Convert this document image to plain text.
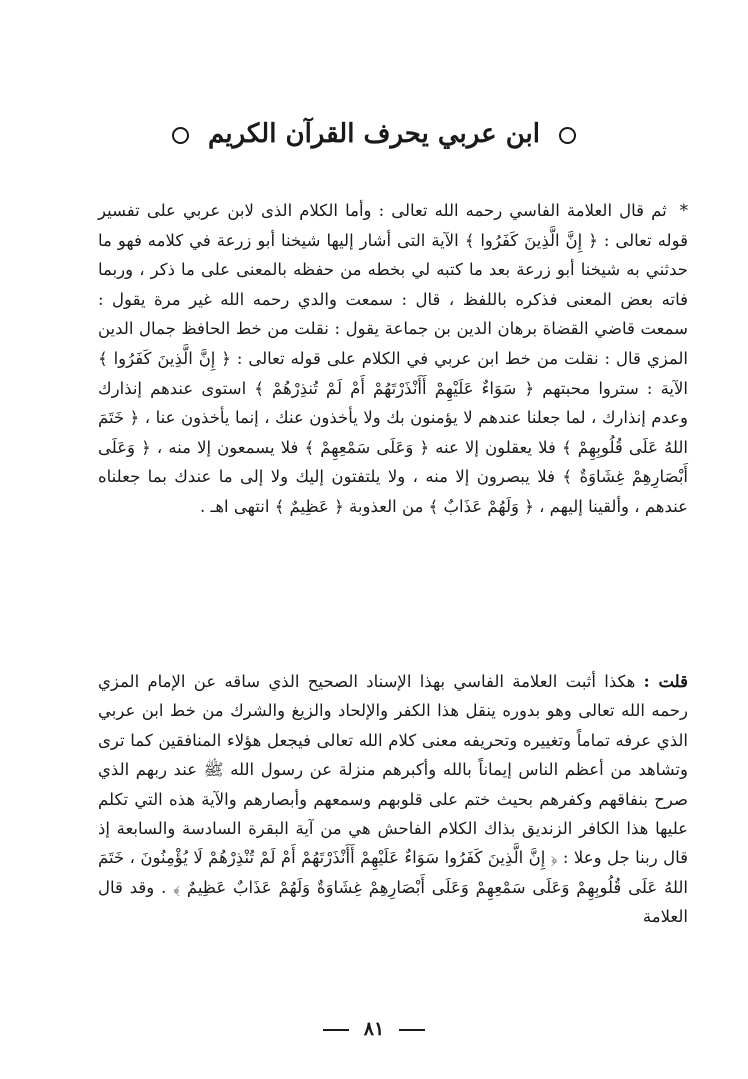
ابن عربي يحرف القرآن الكريم
* ثم قال العلامة الفاسي رحمه الله تعالى : وأما الكلام الذى لابن عربي على تفسير قوله تعالى : ﴿ إِنَّ الَّذِينَ كَفَرُوا ﴾ الآية التى أشار إليها شيخنا أبو زرعة في كلامه فهو ما حدثني به شيخنا أبو زرعة بعد ما كتبه لي بخطه من حفظه بالمعنى على ما ذكر ، وربما فاته بعض المعنى فذكره باللفظ ، قال : سمعت والدي رحمه الله غير مرة يقول : سمعت قاضي القضاة برهان الدين بن جماعة يقول : نقلت من خط الحافظ جمال الدين المزي قال : نقلت من خط ابن عربي في الكلام على قوله تعالى : ﴿ إِنَّ الَّذِينَ كَفَرُوا ﴾ الآية : ستروا محبتهم ﴿ سَوَاءٌ عَلَيْهِمْ أَأَنْذَرْتَهُمْ أَمْ لَمْ تُنذِرْهُمْ ﴾ استوى عندهم إنذارك وعدم إنذارك ، لما جعلنا عندهم لا يؤمنون بك ولا يأخذون عنك ، إنما يأخذون عنا ، ﴿ خَتَمَ اللهُ عَلَى قُلُوبِهِمْ ﴾ فلا يعقلون إلا عنه ﴿ وَعَلَى سَمْعِهِمْ ﴾ فلا يسمعون إلا منه ، ﴿ وَعَلَى أَبْصَارِهِمْ غِشَاوَةٌ ﴾ فلا يبصرون إلا منه ، ولا يلتفتون إليك ولا إلى ما عندك بما جعلناه عندهم ، وألقينا إليهم ، ﴿ وَلَهُمْ عَذَابٌ ﴾ من العذوبة ﴿ عَظِيمٌ ﴾ انتهى اهـ .
قلت : هكذا أثبت العلامة الفاسي بهذا الإسناد الصحيح الذي ساقه عن الإمام المزي رحمه الله تعالى وهو بدوره ينقل هذا الكفر والإلحاد والزيغ والشرك من خط ابن عربي الذي عرفه تماماً وتغييره وتحريفه معنى كلام الله تعالى فيجعل هؤلاء المنافقين كما ترى وتشاهد من أعظم الناس إيماناً بالله وأكبرهم منزلة عن رسول الله ﷺ عند ربهم الذي صرح بنفاقهم وكفرهم بحيث ختم على قلوبهم وسمعهم وأبصارهم والآية هذه التي تكلم عليها هذا الكافر الزنديق بذاك الكلام الفاحش هي من آية البقرة السادسة والسابعة إذ قال ربنا جل وعلا : ﴿ إِنَّ الَّذِينَ كَفَرُوا سَوَاءٌ عَلَيْهِمْ أَأَنْذَرْتَهُمْ أَمْ لَمْ تُنْذِرْهُمْ لَا يُؤْمِنُونَ ، خَتَمَ اللهُ عَلَى قُلُوبِهِمْ وَعَلَى سَمْعِهِمْ وَعَلَى أَبْصَارِهِمْ غِشَاوَةٌ وَلَهُمْ عَذَابٌ عَظِيمٌ ﴾ . وقد قال العلامة
٨١
